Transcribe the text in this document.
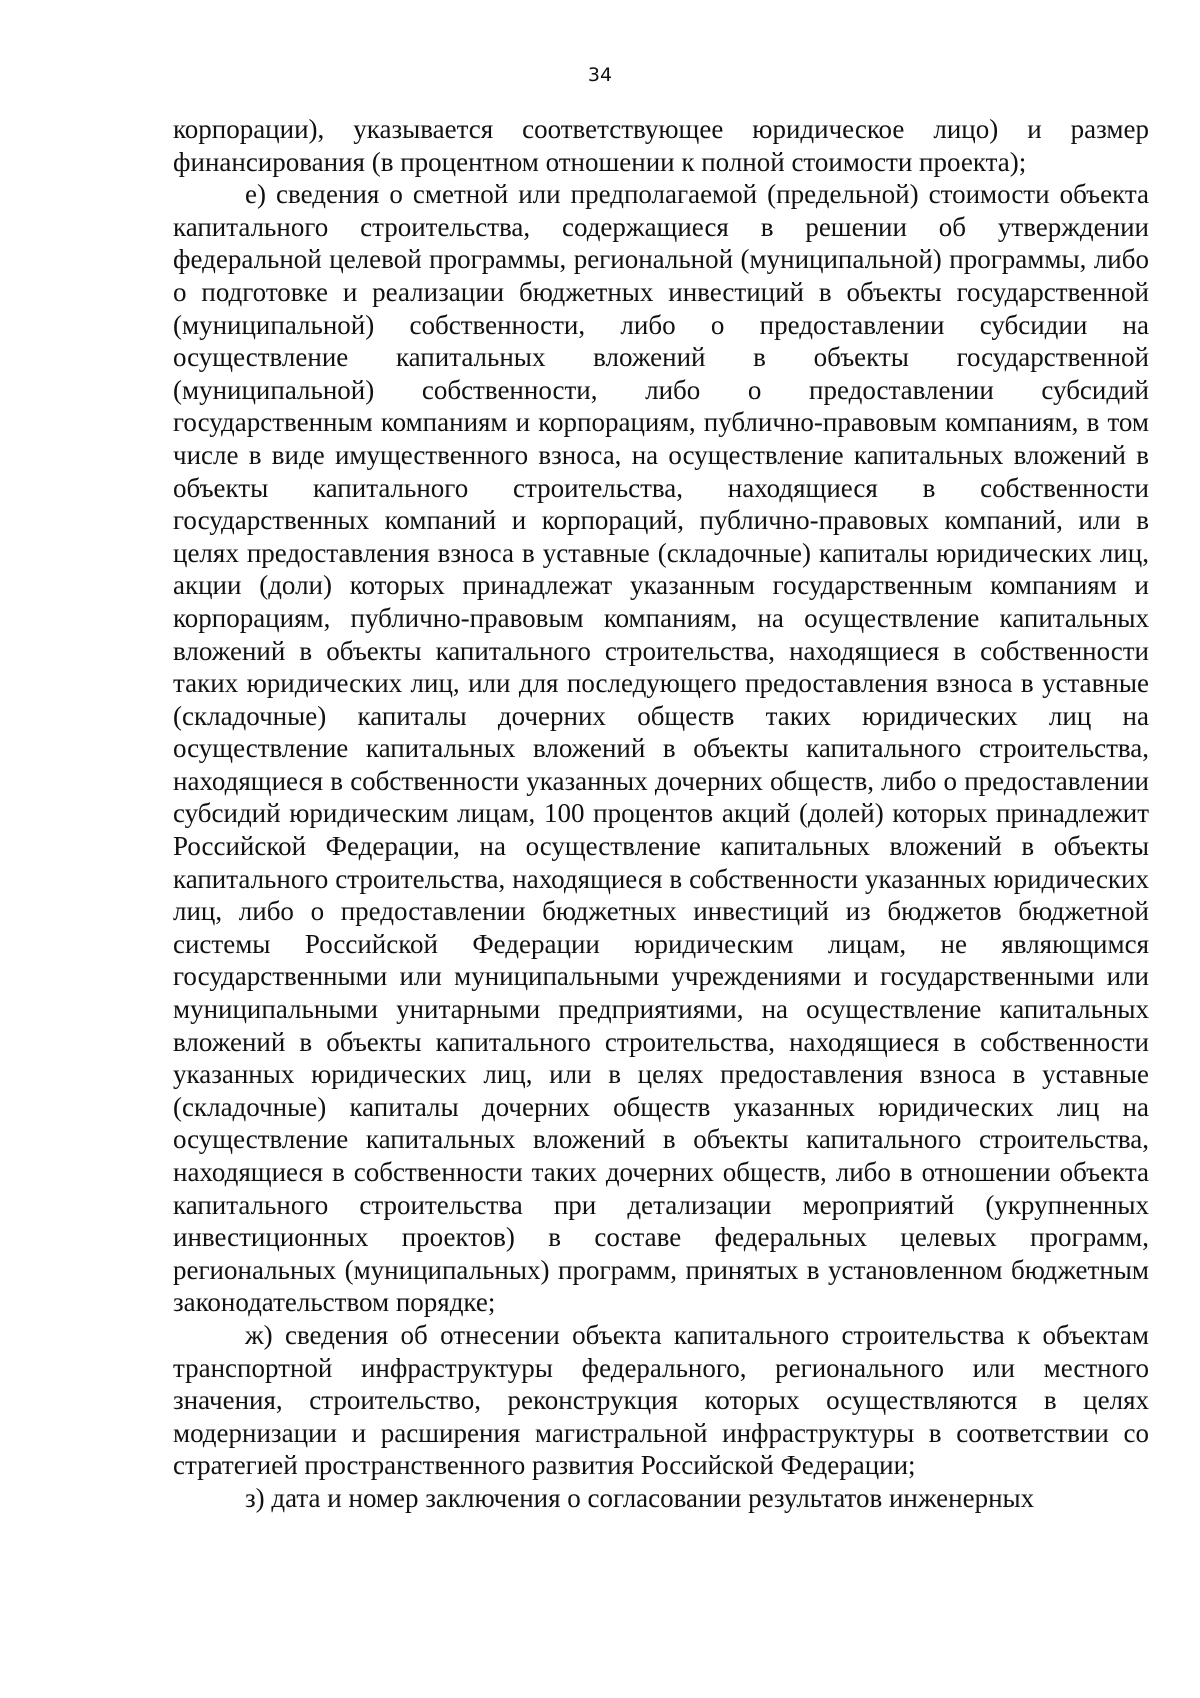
34

корпорации), указывается соответствующее юридическое лицо) и размер финансирования (в процентном отношении к полной стоимости проекта);

е) сведения о сметной или предполагаемой (предельной) стоимости объекта капитального строительства, содержащиеся в решении об утверждении федеральной целевой программы, региональной (муниципальной) программы, либо о подготовке и реализации бюджетных инвестиций в объекты государственной (муниципальной) собственности, либо о предоставлении субсидии на осуществление капитальных вложений в объекты государственной (муниципальной) собственности, либо о предоставлении субсидий государственным компаниям и корпорациям, публично-правовым компаниям, в том числе в виде имущественного взноса, на осуществление капитальных вложений в объекты капитального строительства, находящиеся в собственности государственных компаний и корпораций, публично-правовых компаний, или в целях предоставления взноса в уставные (складочные) капиталы юридических лиц, акции (доли) которых принадлежат указанным государственным компаниям и корпорациям, публично-правовым компаниям, на осуществление капитальных вложений в объекты капитального строительства, находящиеся в собственности таких юридических лиц, или для последующего предоставления взноса в уставные (складочные) капиталы дочерних обществ таких юридических лиц на осуществление капитальных вложений в объекты капитального строительства, находящиеся в собственности указанных дочерних обществ, либо о предоставлении субсидий юридическим лицам, 100 процентов акций (долей) которых принадлежит Российской Федерации, на осуществление капитальных вложений в объекты капитального строительства, находящиеся в собственности указанных юридических лиц, либо о предоставлении бюджетных инвестиций из бюджетов бюджетной системы Российской Федерации юридическим лицам, не являющимся государственными или муниципальными учреждениями и государственными или муниципальными унитарными предприятиями, на осуществление капитальных вложений в объекты капитального строительства, находящиеся в собственности указанных юридических лиц, или в целях предоставления взноса в уставные (складочные) капиталы дочерних обществ указанных юридических лиц на осуществление капитальных вложений в объекты капитального строительства, находящиеся в собственности таких дочерних обществ, либо в отношении объекта капитального строительства при детализации мероприятий (укрупненных инвестиционных проектов) в составе федеральных целевых программ, региональных (муниципальных) программ, принятых в установленном бюджетным законодательством порядке;

ж) сведения об отнесении объекта капитального строительства к объектам транспортной инфраструктуры федерального, регионального или местного значения, строительство, реконструкция которых осуществляются в целях модернизации и расширения магистральной инфраструктуры в соответствии со стратегией пространственного развития Российской Федерации;

з) дата и номер заключения о согласовании результатов инженерных
